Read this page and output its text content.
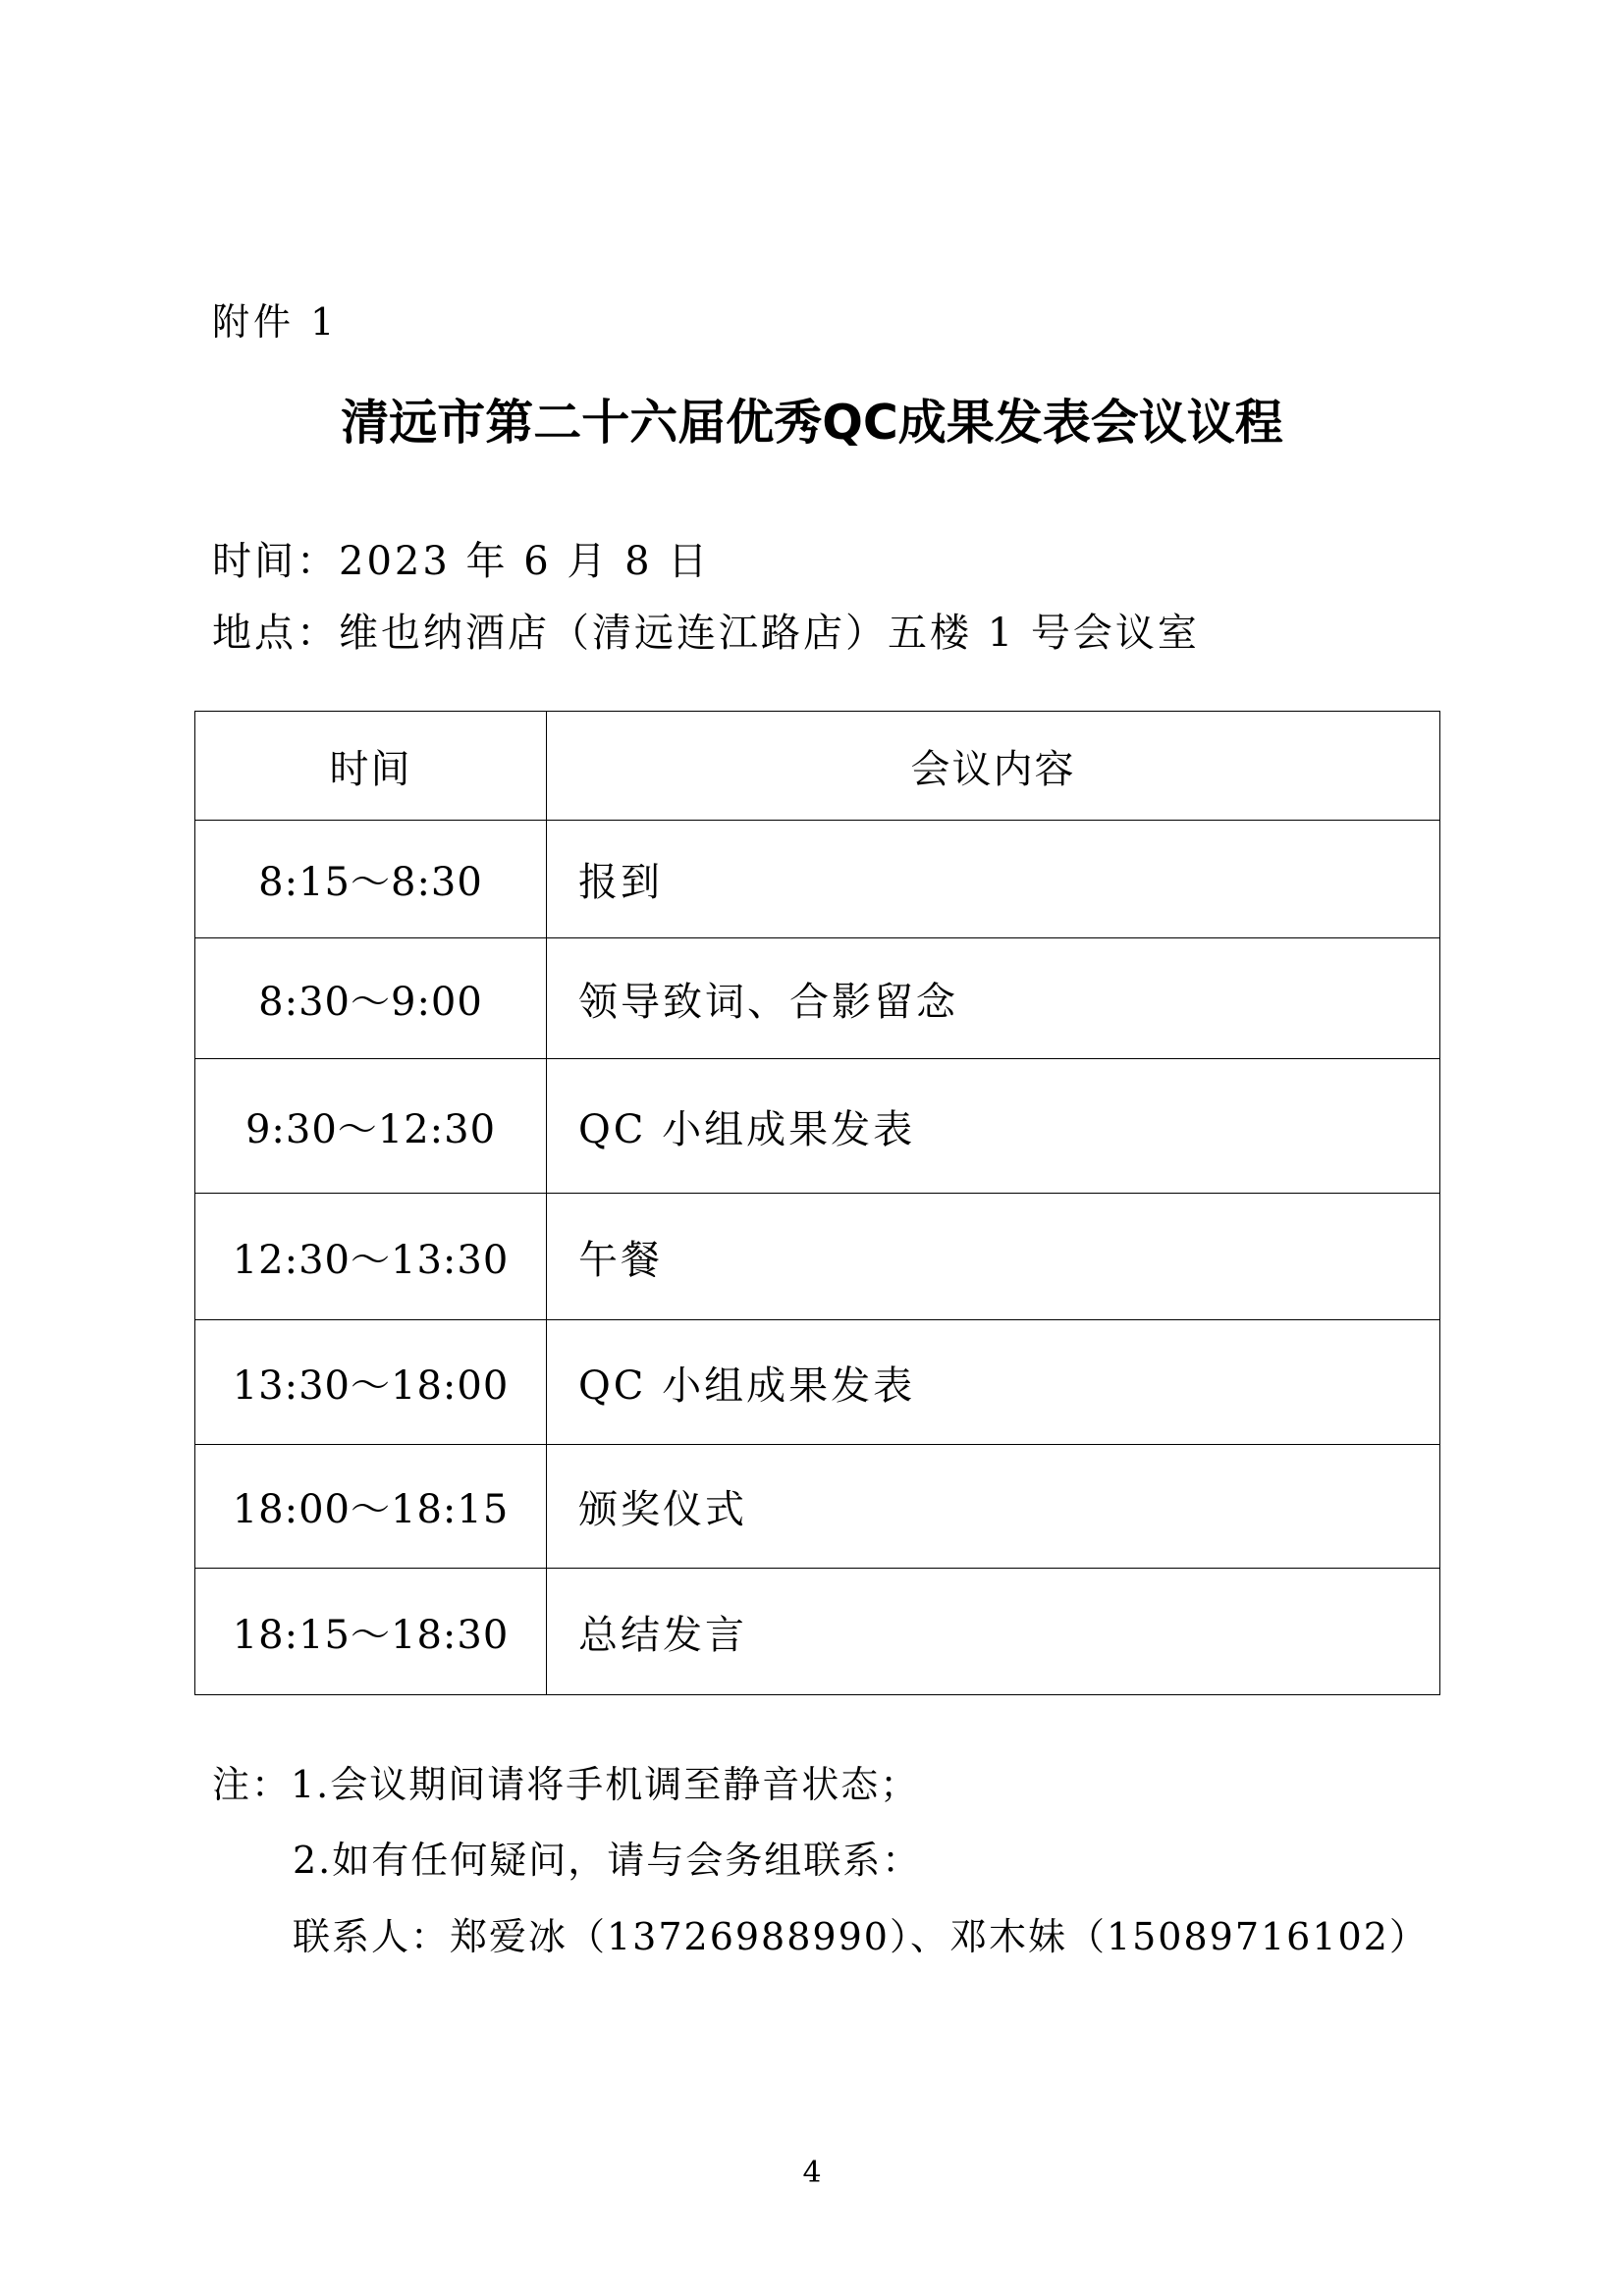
附件 1
清远市第二十六届优秀QC成果发表会议议程
时间：2023 年 6 月 8 日
地点：维也纳酒店（清远连江路店）五楼 1 号会议室
时间	会议内容
8:15～8:30	报到
8:30～9:00	领导致词、合影留念
9:30～12:30	QC 小组成果发表
12:30～13:30	午餐
13:30～18:00	QC 小组成果发表
18:00～18:15	颁奖仪式
18:15～18:30	总结发言
注：1.会议期间请将手机调至静音状态；
2.如有任何疑问，请与会务组联系：
联系人：郑爱冰（13726988990）、邓木妹（15089716102）
4
